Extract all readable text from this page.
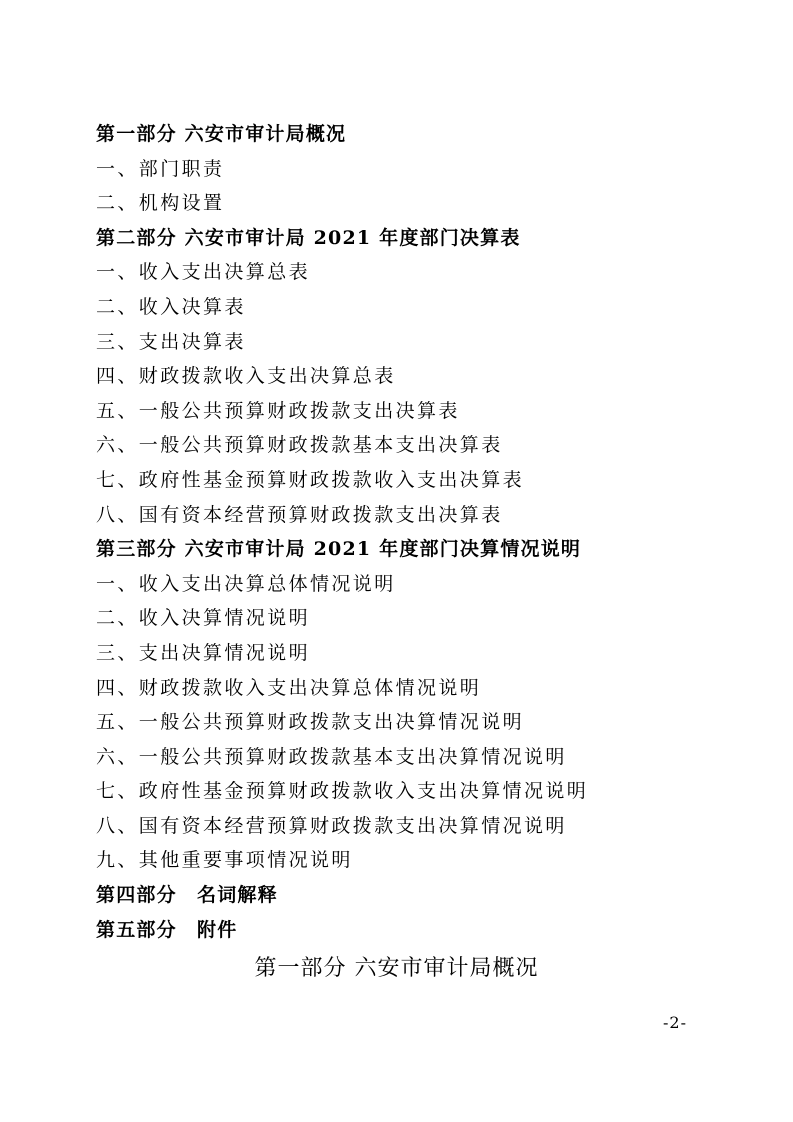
第一部分 六安市审计局概况
一、部门职责
二、机构设置
第二部分 六安市审计局 2021 年度部门决算表
一、收入支出决算总表
二、收入决算表
三、支出决算表
四、财政拨款收入支出决算总表
五、一般公共预算财政拨款支出决算表
六、一般公共预算财政拨款基本支出决算表
七、政府性基金预算财政拨款收入支出决算表
八、国有资本经营预算财政拨款支出决算表
第三部分 六安市审计局 2021 年度部门决算情况说明
一、收入支出决算总体情况说明
二、收入决算情况说明
三、支出决算情况说明
四、财政拨款收入支出决算总体情况说明
五、一般公共预算财政拨款支出决算情况说明
六、一般公共预算财政拨款基本支出决算情况说明
七、政府性基金预算财政拨款收入支出决算情况说明
八、国有资本经营预算财政拨款支出决算情况说明
九、其他重要事项情况说明
第四部分　名词解释
第五部分　附件
第一部分 六安市审计局概况
-2-
